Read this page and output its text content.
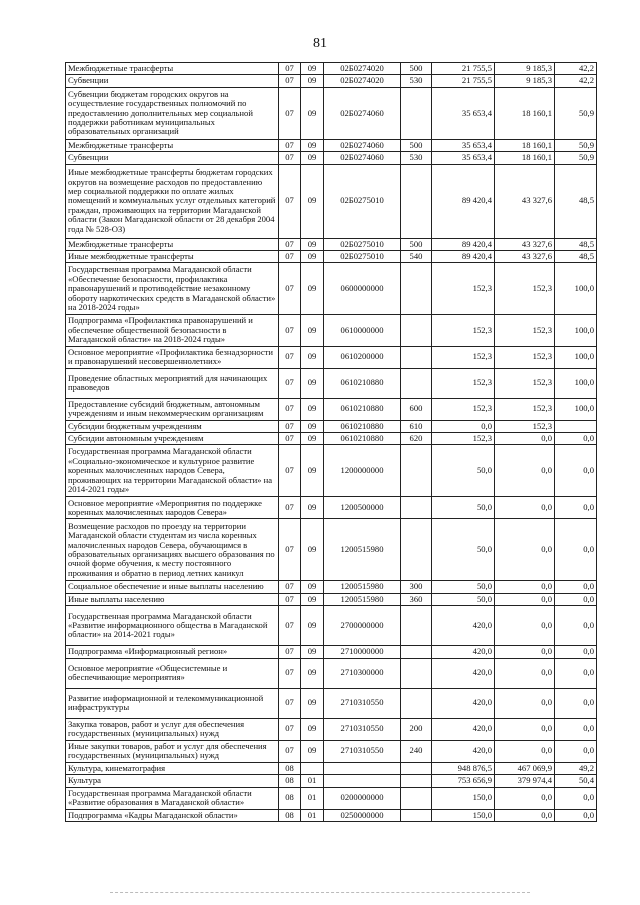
81
Межбюджетные трансферты	07	09	02Б0274020	500	21 755,5	9 185,3	42,2
Субвенции	07	09	02Б0274020	530	21 755,5	9 185,3	42,2
Субвенции бюджетам городских округов на осуществление государственных полномочий по предоставлению дополнительных мер социальной поддержки работникам муниципальных образовательных организаций	07	09	02Б0274060		35 653,4	18 160,1	50,9
Межбюджетные трансферты	07	09	02Б0274060	500	35 653,4	18 160,1	50,9
Субвенции	07	09	02Б0274060	530	35 653,4	18 160,1	50,9
Иные межбюджетные трансферты бюджетам городских округов на возмещение расходов по предоставлению мер социальной поддержки по оплате жилых помещений и коммунальных услуг отдельных категорий граждан, проживающих на территории Магаданской области (Закон Магаданской области от 28 декабря 2004 года № 528-ОЗ)	07	09	02Б0275010		89 420,4	43 327,6	48,5
Межбюджетные трансферты	07	09	02Б0275010	500	89 420,4	43 327,6	48,5
Иные межбюджетные трансферты	07	09	02Б0275010	540	89 420,4	43 327,6	48,5
Государственная программа Магаданской области «Обеспечение безопасности, профилактика правонарушений и противодействие незаконному обороту наркотических средств в Магаданской области» на 2018-2024 годы»	07	09	0600000000		152,3	152,3	100,0
Подпрограмма «Профилактика правонарушений и обеспечение общественной безопасности в Магаданской области» на 2018-2024 годы»	07	09	0610000000		152,3	152,3	100,0
Основное мероприятие «Профилактика безнадзорности и правонарушений несовершеннолетних»	07	09	0610200000		152,3	152,3	100,0
Проведение областных мероприятий для начинающих правоведов	07	09	0610210880		152,3	152,3	100,0
Предоставление субсидий бюджетным, автономным учреждениям и иным некоммерческим организациям	07	09	0610210880	600	152,3	152,3	100,0
Субсидии бюджетным учреждениям	07	09	0610210880	610	0,0	152,3	
Субсидии автономным учреждениям	07	09	0610210880	620	152,3	0,0	0,0
Государственная программа Магаданской области «Социально-экономическое и культурное развитие коренных малочисленных народов Севера, проживающих на территории Магаданской области» на 2014-2021 годы»	07	09	1200000000		50,0	0,0	0,0
Основное мероприятие «Мероприятия по поддержке коренных малочисленных народов Севера»	07	09	1200500000		50,0	0,0	0,0
Возмещение расходов по проезду на территории Магаданской области студентам из числа коренных малочисленных народов Севера, обучающимся в образовательных организациях высшего образования по очной форме обучения, к месту постоянного проживания и обратно в период летних каникул	07	09	1200515980		50,0	0,0	0,0
Социальное обеспечение и иные выплаты населению	07	09	1200515980	300	50,0	0,0	0,0
Иные выплаты населению	07	09	1200515980	360	50,0	0,0	0,0
Государственная программа Магаданской области «Развитие информационного общества в Магаданской области» на 2014-2021 годы»	07	09	2700000000		420,0	0,0	0,0
Подпрограмма «Информационный регион»	07	09	2710000000		420,0	0,0	0,0
Основное мероприятие «Общесистемные и обеспечивающие мероприятия»	07	09	2710300000		420,0	0,0	0,0
Развитие информационной и телекоммуникационной инфраструктуры	07	09	2710310550		420,0	0,0	0,0
Закупка товаров, работ и услуг для обеспечения государственных (муниципальных) нужд	07	09	2710310550	200	420,0	0,0	0,0
Иные закупки товаров, работ и услуг для обеспечения государственных (муниципальных) нужд	07	09	2710310550	240	420,0	0,0	0,0
Культура, кинематография	08				948 876,5	467 069,9	49,2
Культура	08	01			753 656,9	379 974,4	50,4
Государственная программа Магаданской области «Развитие образования в Магаданской области»	08	01	0200000000		150,0	0,0	0,0
Подпрограмма «Кадры Магаданской области»	08	01	0250000000		150,0	0,0	0,0
